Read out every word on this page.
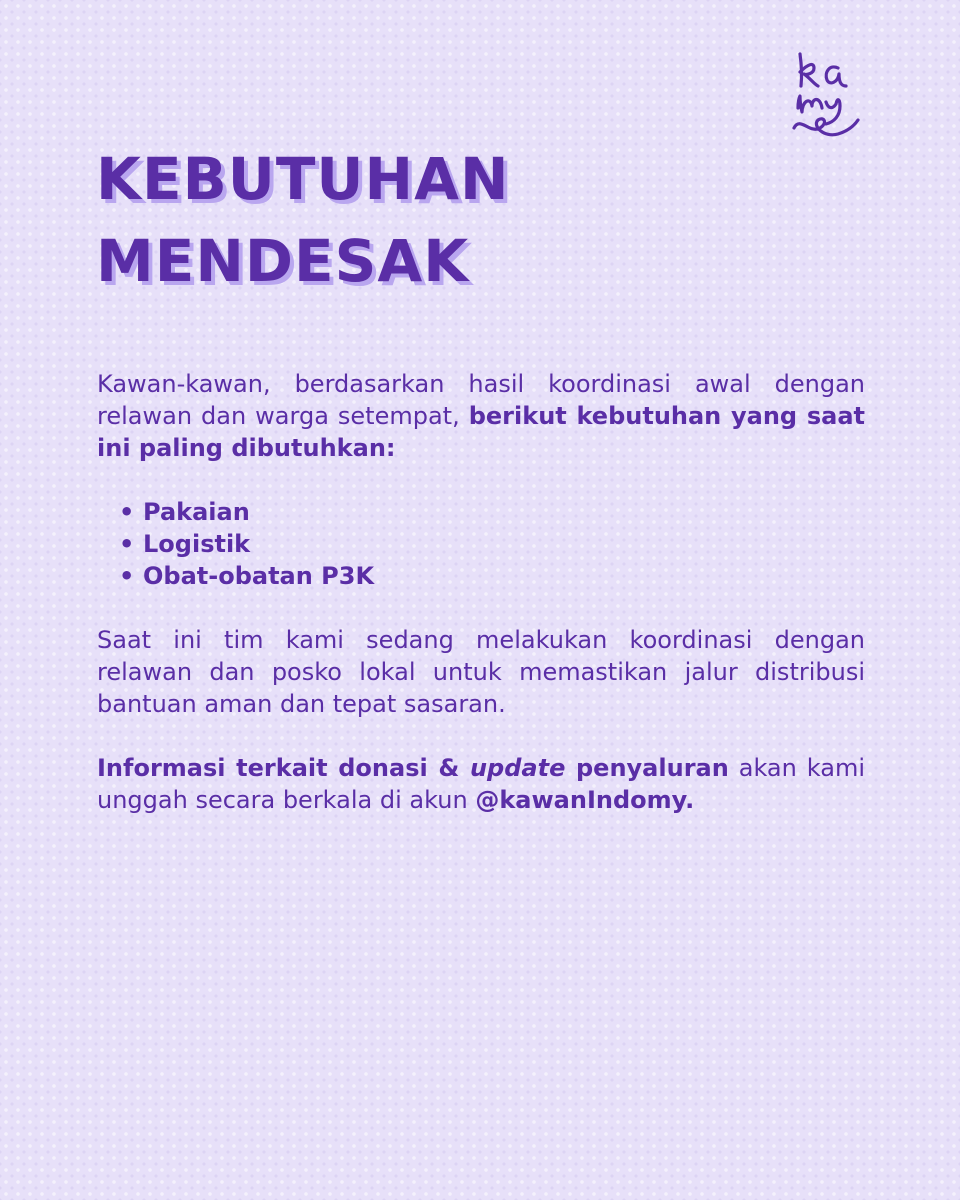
KEBUTUHAN
MENDESAK

Kawan-kawan, berdasarkan hasil koordinasi awal dengan relawan dan warga setempat, berikut kebutuhan yang saat ini paling dibutuhkan:

• Pakaian
• Logistik
• Obat-obatan P3K

Saat ini tim kami sedang melakukan koordinasi dengan relawan dan posko lokal untuk memastikan jalur distribusi bantuan aman dan tepat sasaran.

Informasi terkait donasi & update penyaluran akan kami unggah secara berkala di akun @kawanIndomy.
